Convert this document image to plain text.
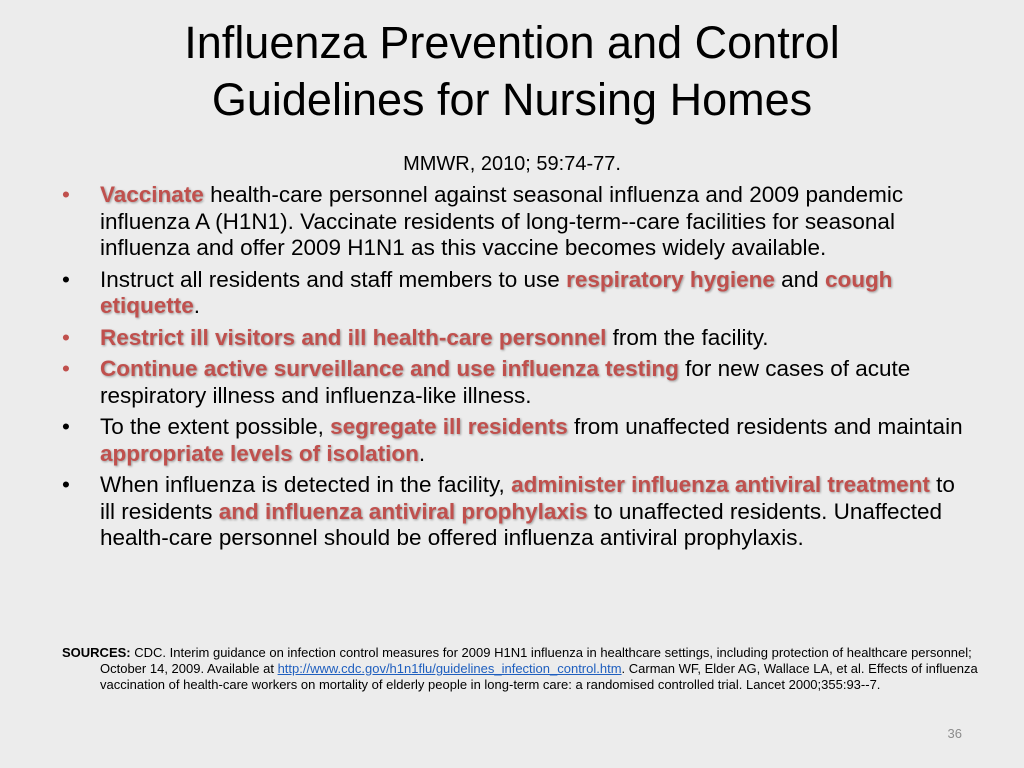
Influenza Prevention and Control
Guidelines for Nursing Homes
MMWR, 2010; 59:74-77.
• Vaccinate health-care personnel against seasonal influenza and 2009 pandemic influenza A (H1N1). Vaccinate residents of long-term--care facilities for seasonal influenza and offer 2009 H1N1 as this vaccine becomes widely available.
• Instruct all residents and staff members to use respiratory hygiene and cough etiquette.
• Restrict ill visitors and ill health-care personnel from the facility.
• Continue active surveillance and use influenza testing for new cases of acute respiratory illness and influenza-like illness.
• To the extent possible, segregate ill residents from unaffected residents and maintain appropriate levels of isolation.
• When influenza is detected in the facility, administer influenza antiviral treatment to ill residents and influenza antiviral prophylaxis to unaffected residents. Unaffected health-care personnel should be offered influenza antiviral prophylaxis.
SOURCES: CDC. Interim guidance on infection control measures for 2009 H1N1 influenza in healthcare settings, including protection of healthcare personnel; October 14, 2009. Available at http://www.cdc.gov/h1n1flu/guidelines_infection_control.htm. Carman WF, Elder AG, Wallace LA, et al. Effects of influenza vaccination of health-care workers on mortality of elderly people in long-term care: a randomised controlled trial. Lancet 2000;355:93--7.
36
